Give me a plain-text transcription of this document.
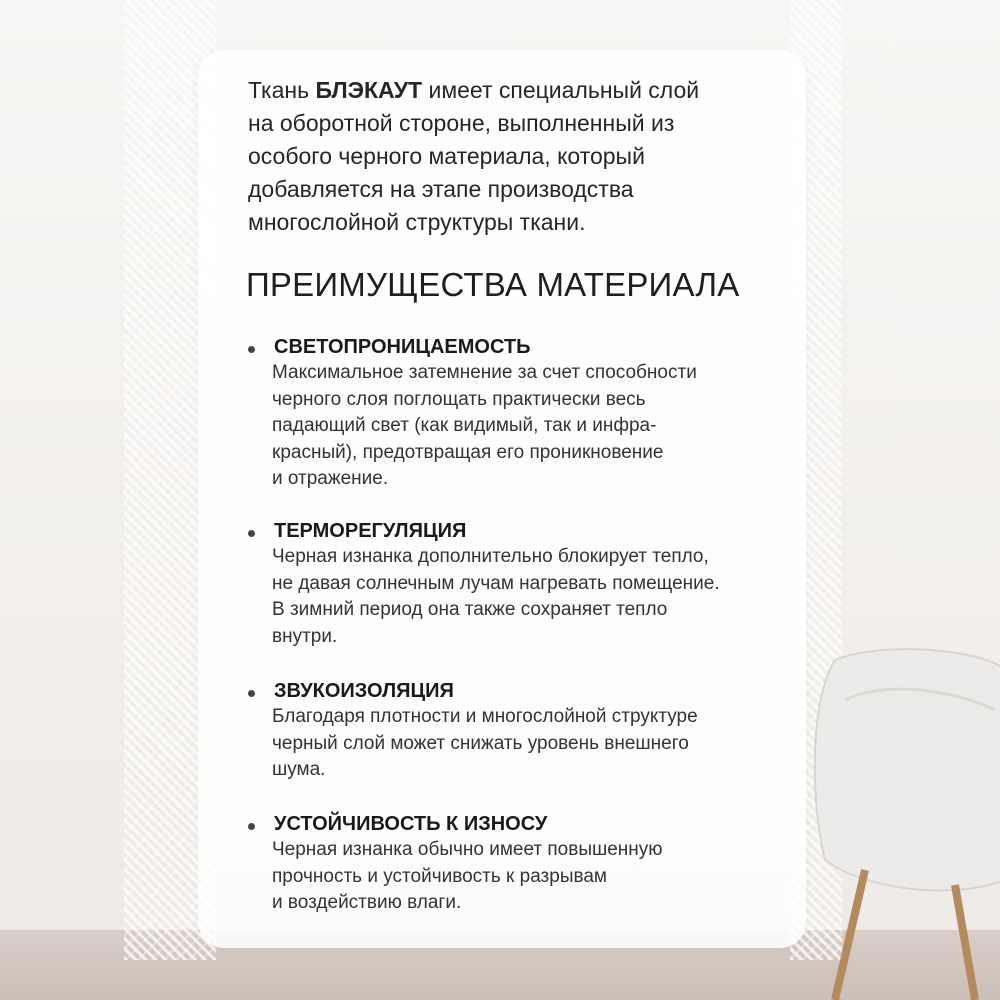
Ткань БЛЭКАУТ имеет специальный слой
на оборотной стороне, выполненный из
особого черного материала, который
добавляется на этапе производства
многослойной структуры ткани.

ПРЕИМУЩЕСТВА МАТЕРИАЛА
СВЕТОПРОНИЦАЕМОСТЬ

Максимальное затемнение за счет способности
черного слоя поглощать практически весь
падающий свет (как видимый, так и инфра-
красный), предотвращая его проникновение
и отражение.

ТЕРМОРЕГУЛЯЦИЯ

Черная изнанка дополнительно блокирует тепло,
не давая солнечным лучам нагревать помещение.
В зимний период она также сохраняет тепло
внутри.

ЗВУКОИЗОЛЯЦИЯ

Благодаря плотности и многослойной структуре
черный слой может снижать уровень внешнего
шума.

УСТОЙЧИВОСТЬ К ИЗНОСУ

Черная изнанка обычно имеет повышенную
прочность и устойчивость к разрывам
и воздействию влаги.
